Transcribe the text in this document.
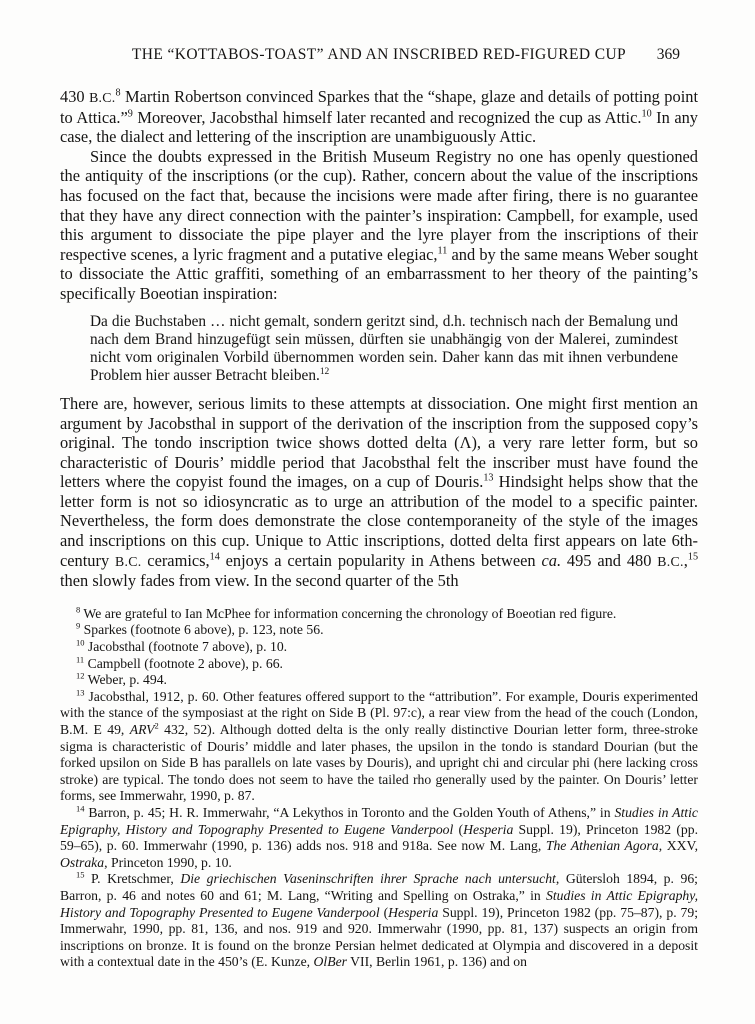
THE “KOTTABOS-TOAST” AND AN INSCRIBED RED-FIGURED CUP 369

430 B.C.$^8$ Martin Robertson convinced Sparkes that the “shape, glaze and details of potting point to Attica.”$^9$ Moreover, Jacobsthal himself later recanted and recognized the cup as Attic.$^{10}$ In any case, the dialect and lettering of the inscription are unambiguously Attic.

Since the doubts expressed in the British Museum Registry no one has openly questioned the antiquity of the inscriptions (or the cup). Rather, concern about the value of the inscriptions has focused on the fact that, because the incisions were made after firing, there is no guarantee that they have any direct connection with the painter’s inspiration: Campbell, for example, used this argument to dissociate the pipe player and the lyre player from the inscriptions of their respective scenes, a lyric fragment and a putative elegiac,$^{11}$ and by the same means Weber sought to dissociate the Attic graffiti, something of an embarrassment to her theory of the painting’s specifically Boeotian inspiration:

Da die Buchstaben … nicht gemalt, sondern geritzt sind, d.h. technisch nach der Bemalung und nach dem Brand hinzugefügt sein müssen, dürften sie unabhängig von der Malerei, zumindest nicht vom originalen Vorbild übernommen worden sein. Daher kann das mit ihnen verbundene Problem hier ausser Betracht bleiben.$^{12}$

There are, however, serious limits to these attempts at dissociation. One might first mention an argument by Jacobsthal in support of the derivation of the inscription from the supposed copy’s original. The tondo inscription twice shows dotted delta (Λ), a very rare letter form, but so characteristic of Douris’ middle period that Jacobsthal felt the inscriber must have found the letters where the copyist found the images, on a cup of Douris.$^{13}$ Hindsight helps show that the letter form is not so idiosyncratic as to urge an attribution of the model to a specific painter. Nevertheless, the form does demonstrate the close contemporaneity of the style of the images and inscriptions on this cup. Unique to Attic inscriptions, dotted delta first appears on late 6th-century B.C. ceramics,$^{14}$ enjoys a certain popularity in Athens between ca. 495 and 480 B.C.,$^{15}$ then slowly fades from view. In the second quarter of the 5th

$^8$ We are grateful to Ian McPhee for information concerning the chronology of Boeotian red figure.

$^9$ Sparkes (footnote 6 above), p. 123, note 56.

$^{10}$ Jacobsthal (footnote 7 above), p. 10.

$^{11}$ Campbell (footnote 2 above), p. 66.

$^{12}$ Weber, p. 494.

$^{13}$ Jacobsthal, 1912, p. 60. Other features offered support to the “attribution”. For example, Douris experimented with the stance of the symposiast at the right on Side B (Pl. 97:c), a rear view from the head of the couch (London, B.M. E 49, ARV$^2$ 432, 52). Although dotted delta is the only really distinctive Dourian letter form, three-stroke sigma is characteristic of Douris’ middle and later phases, the upsilon in the tondo is standard Dourian (but the forked upsilon on Side B has parallels on late vases by Douris), and upright chi and circular phi (here lacking cross stroke) are typical. The tondo does not seem to have the tailed rho generally used by the painter. On Douris’ letter forms, see Immerwahr, 1990, p. 87.

$^{14}$ Barron, p. 45; H. R. Immerwahr, “A Lekythos in Toronto and the Golden Youth of Athens,” in Studies in Attic Epigraphy, History and Topography Presented to Eugene Vanderpool (Hesperia Suppl. 19), Princeton 1982 (pp. 59–65), p. 60. Immerwahr (1990, p. 136) adds nos. 918 and 918a. See now M. Lang, The Athenian Agora, XXV, Ostraka, Princeton 1990, p. 10.

$^{15}$ P. Kretschmer, Die griechischen Vaseninschriften ihrer Sprache nach untersucht, Gütersloh 1894, p. 96; Barron, p. 46 and notes 60 and 61; M. Lang, “Writing and Spelling on Ostraka,” in Studies in Attic Epigraphy, History and Topography Presented to Eugene Vanderpool (Hesperia Suppl. 19), Princeton 1982 (pp. 75–87), p. 79; Immerwahr, 1990, pp. 81, 136, and nos. 919 and 920. Immerwahr (1990, pp. 81, 137) suspects an origin from inscriptions on bronze. It is found on the bronze Persian helmet dedicated at Olympia and discovered in a deposit with a contextual date in the 450’s (E. Kunze, OlBer VII, Berlin 1961, p. 136) and on
